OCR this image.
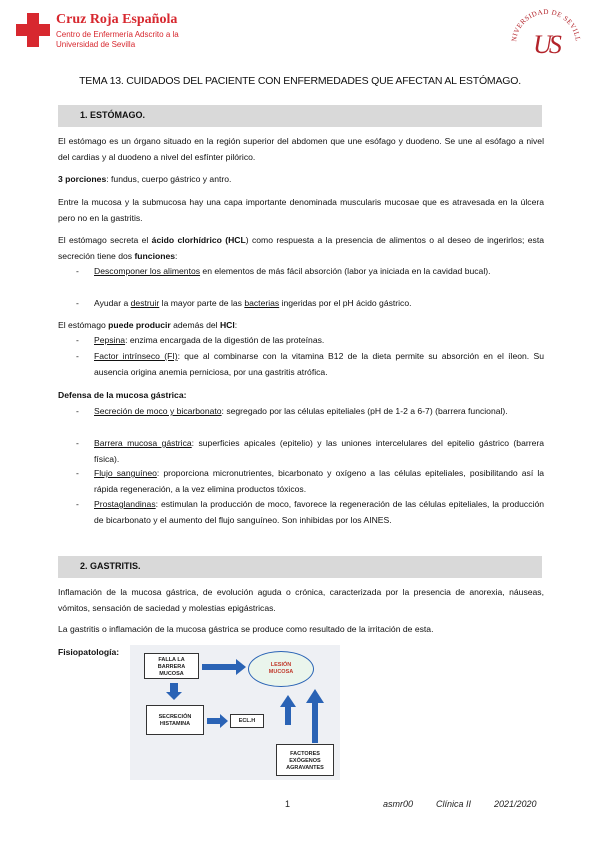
Cruz Roja Española
Centro de Enfermería Adscrito a la
Universidad de Sevilla
NIVERSIDAD DE SEVILL
US
TEMA 13. CUIDADOS DEL PACIENTE CON ENFERMEDADES QUE AFECTAN AL ESTÓMAGO.
1. ESTÓMAGO.
El estómago es un órgano situado en la región superior del abdomen que une esófago y duodeno. Se une al esófago a nivel del cardias y al duodeno a nivel del esfínter pilórico.
3 porciones: fundus, cuerpo gástrico y antro.
Entre la mucosa y la submucosa hay una capa importante denominada muscularis mucosae que es atravesada en la úlcera pero no en la gastritis.
El estómago secreta el ácido clorhídrico (HCL) como respuesta a la presencia de alimentos o al deseo de ingerirlos; esta secreción tiene dos funciones:
- Descomponer los alimentos en elementos de más fácil absorción (labor ya iniciada en la cavidad bucal).
- Ayudar a destruir la mayor parte de las bacterias ingeridas por el pH ácido gástrico.
El estómago puede producir además del HCl:
- Pepsina: enzima encargada de la digestión de las proteínas.
- Factor intrínseco (FI): que al combinarse con la vitamina B12 de la dieta permite su absorción en el íleon. Su ausencia origina anemia perniciosa, por una gastritis atrófica.
Defensa de la mucosa gástrica:
- Secreción de moco y bicarbonato: segregado por las células epiteliales (pH de 1-2 a 6-7) (barrera funcional).
- Barrera mucosa gástrica: superficies apicales (epitelio) y las uniones intercelulares del epitelio gástrico (barrera física).
- Flujo sanguíneo: proporciona micronutrientes, bicarbonato y oxígeno a las células epiteliales, posibilitando así la rápida regeneración, a la vez elimina productos tóxicos.
- Prostaglandinas: estimulan la producción de moco, favorece la regeneración de las células epiteliales, la producción de bicarbonato y el aumento del flujo sanguíneo. Son inhibidas por los AINES.
2. GASTRITIS.
Inflamación de la mucosa gástrica, de evolución aguda o crónica, caracterizada por la presencia de anorexia, náuseas, vómitos, sensación de saciedad y molestias epigástricas.
La gastritis o inflamación de la mucosa gástrica se produce como resultado de la irritación de esta.
Fisiopatología:
FALLA LA BARRERA MUCOSA
LESIÓN MUCOSA
SECRECIÓN HISTAMINA	ECL.H
FACTORES EXÓGENOS AGRAVANTES
1	asmr00	Clínica II	2021/2020
